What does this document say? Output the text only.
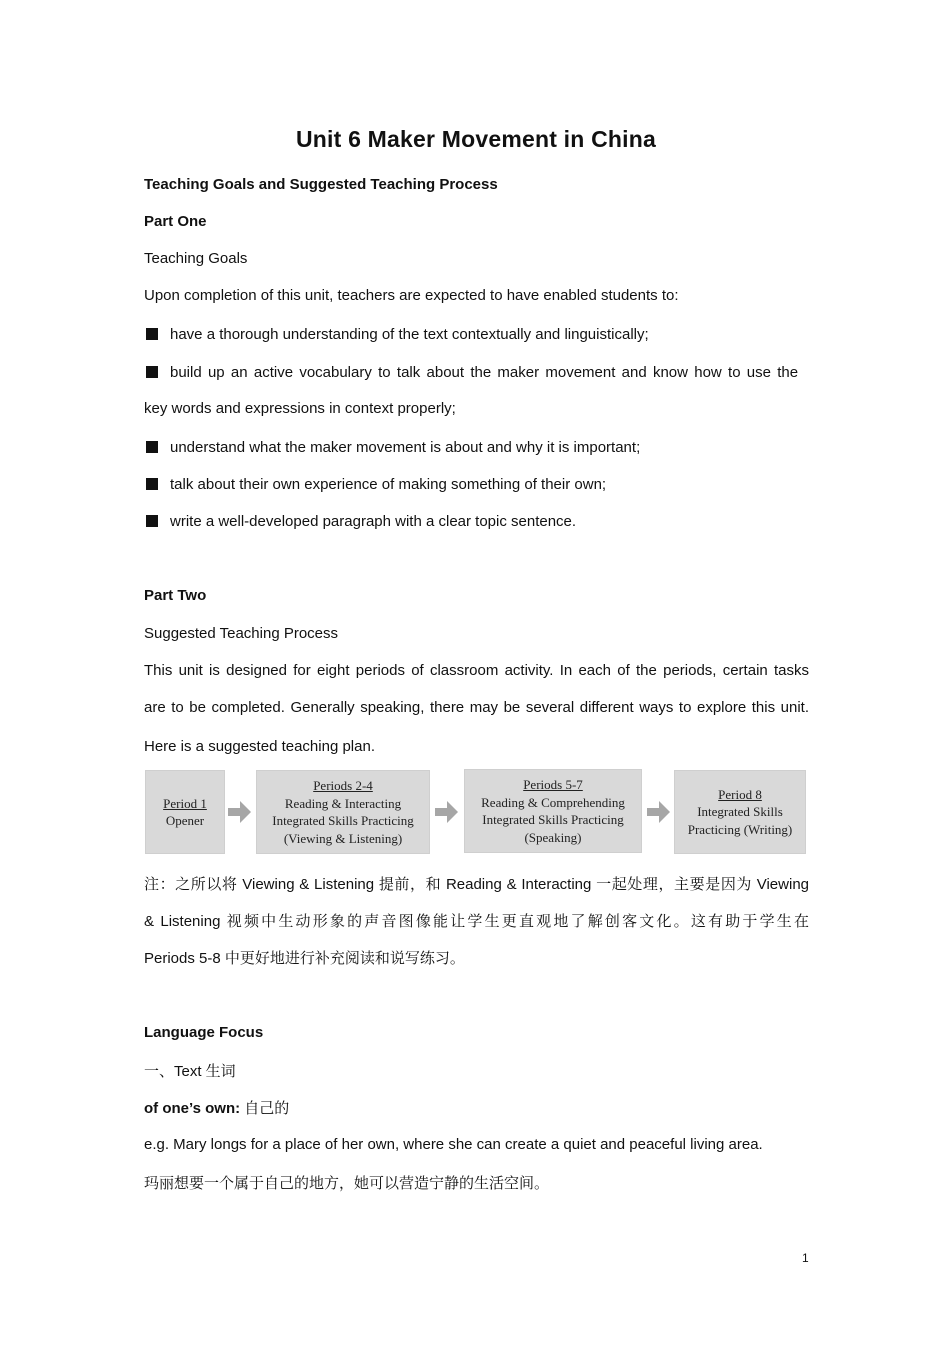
Unit 6 Maker Movement in China
Teaching Goals and Suggested Teaching Process
Part One
Teaching Goals
Upon completion of this unit, teachers are expected to have enabled students to:
have a thorough understanding of the text contextually and linguistically;
build up an active vocabulary to talk about the maker movement and know how to use the
key words and expressions in context properly;
understand what the maker movement is about and why it is important;
talk about their own experience of making something of their own;
write a well-developed paragraph with a clear topic sentence.
Part Two
Suggested Teaching Process
This unit is designed for eight periods of classroom activity. In each of the periods, certain tasks
are to be completed. Generally speaking, there may be several different ways to explore this unit.
Here is a suggested teaching plan.
Period 1
Opener
Periods 2-4
Reading & Interacting
Integrated Skills Practicing
(Viewing & Listening)
Periods 5-7
Reading & Comprehending
Integrated Skills Practicing
(Speaking)
Period 8
Integrated Skills
Practicing (Writing)
注：之所以将 Viewing & Listening 提前，和 Reading & Interacting 一起处理，主要是因为 Viewing
& Listening 视频中生动形象的声音图像能让学生更直观地了解创客文化。这有助于学生在
Periods 5-8 中更好地进行补充阅读和说写练习。
Language Focus
一、Text 生词
of one’s own: 自己的
e.g. Mary longs for a place of her own, where she can create a quiet and peaceful living area.
玛丽想要一个属于自己的地方，她可以营造宁静的生活空间。
1
